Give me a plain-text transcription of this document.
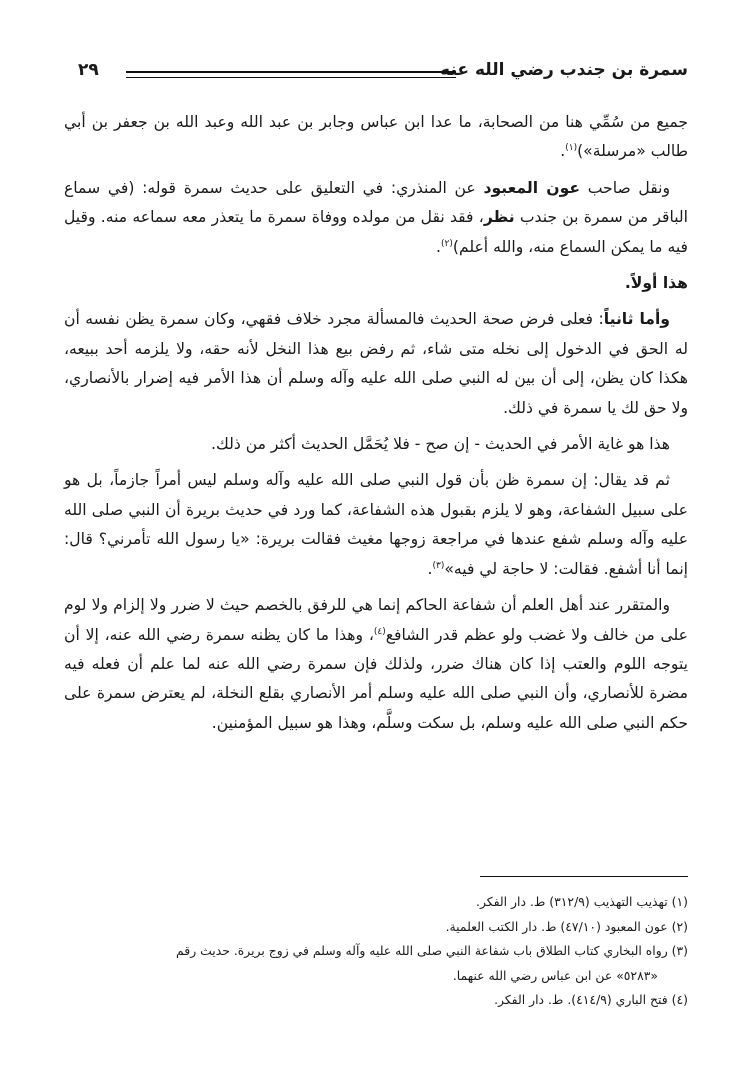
سمرة بن جندب رضي الله عنه
٢٩

جميع من سُمِّي هنا من الصحابة، ما عدا ابن عباس وجابر بن عبد الله وعبد الله بن جعفر بن أبي طالب «مرسلة»)$^{(١)}$.

ونقل صاحب عون المعبود عن المنذري: في التعليق على حديث سمرة قوله: (في سماع الباقر من سمرة بن جندب نظر، فقد نقل من مولده ووفاة سمرة ما يتعذر معه سماعه منه. وقيل فيه ما يمكن السماع منه، والله أعلم)$^{(٢)}$.

هذا أولاً.

وأما ثانياً: فعلى فرض صحة الحديث فالمسألة مجرد خلاف فقهي، وكان سمرة يظن نفسه أن له الحق في الدخول إلى نخله متى شاء، ثم رفض بيع هذا النخل لأنه حقه، ولا يلزمه أحد ببيعه، هكذا كان يظن، إلى أن بين له النبي صلى الله عليه وآله وسلم أن هذا الأمر فيه إضرار بالأنصاري، ولا حق لك يا سمرة في ذلك.

هذا هو غاية الأمر في الحديث - إن صح - فلا يُحَمَّل الحديث أكثر من ذلك.

ثم قد يقال: إن سمرة ظن بأن قول النبي صلى الله عليه وآله وسلم ليس أمراً جازماً، بل هو على سبيل الشفاعة، وهو لا يلزم بقبول هذه الشفاعة، كما ورد في حديث بريرة أن النبي صلى الله عليه وآله وسلم شفع عندها في مراجعة زوجها مغيث فقالت بريرة: «يا رسول الله تأمرني؟ قال: إنما أنا أشفع. فقالت: لا حاجة لي فيه»$^{(٣)}$.

والمتقرر عند أهل العلم أن شفاعة الحاكم إنما هي للرفق بالخصم حيث لا ضرر ولا إلزام ولا لوم على من خالف ولا غضب ولو عظم قدر الشافع$^{(٤)}$، وهذا ما كان يظنه سمرة رضي الله عنه، إلا أن يتوجه اللوم والعتب إذا كان هناك ضرر، ولذلك فإن سمرة رضي الله عنه لما علم أن فعله فيه مضرة للأنصاري، وأن النبي صلى الله عليه وسلم أمر الأنصاري بقلع النخلة، لم يعترض سمرة على حكم النبي صلى الله عليه وسلم، بل سكت وسلَّم، وهذا هو سبيل المؤمنين.

(١) تهذيب التهذيب (٣١٢/٩) ط. دار الفكر.
(٢) عون المعبود (٤٧/١٠) ط. دار الكتب العلمية.
(٣) رواه البخاري كتاب الطلاق باب شفاعة النبي صلى الله عليه وآله وسلم في زوج بريرة. حديث رقم
«٥٢٨٣» عن ابن عباس رضي الله عنهما.
(٤) فتح الباري (٤١٤/٩). ط. دار الفكر.
